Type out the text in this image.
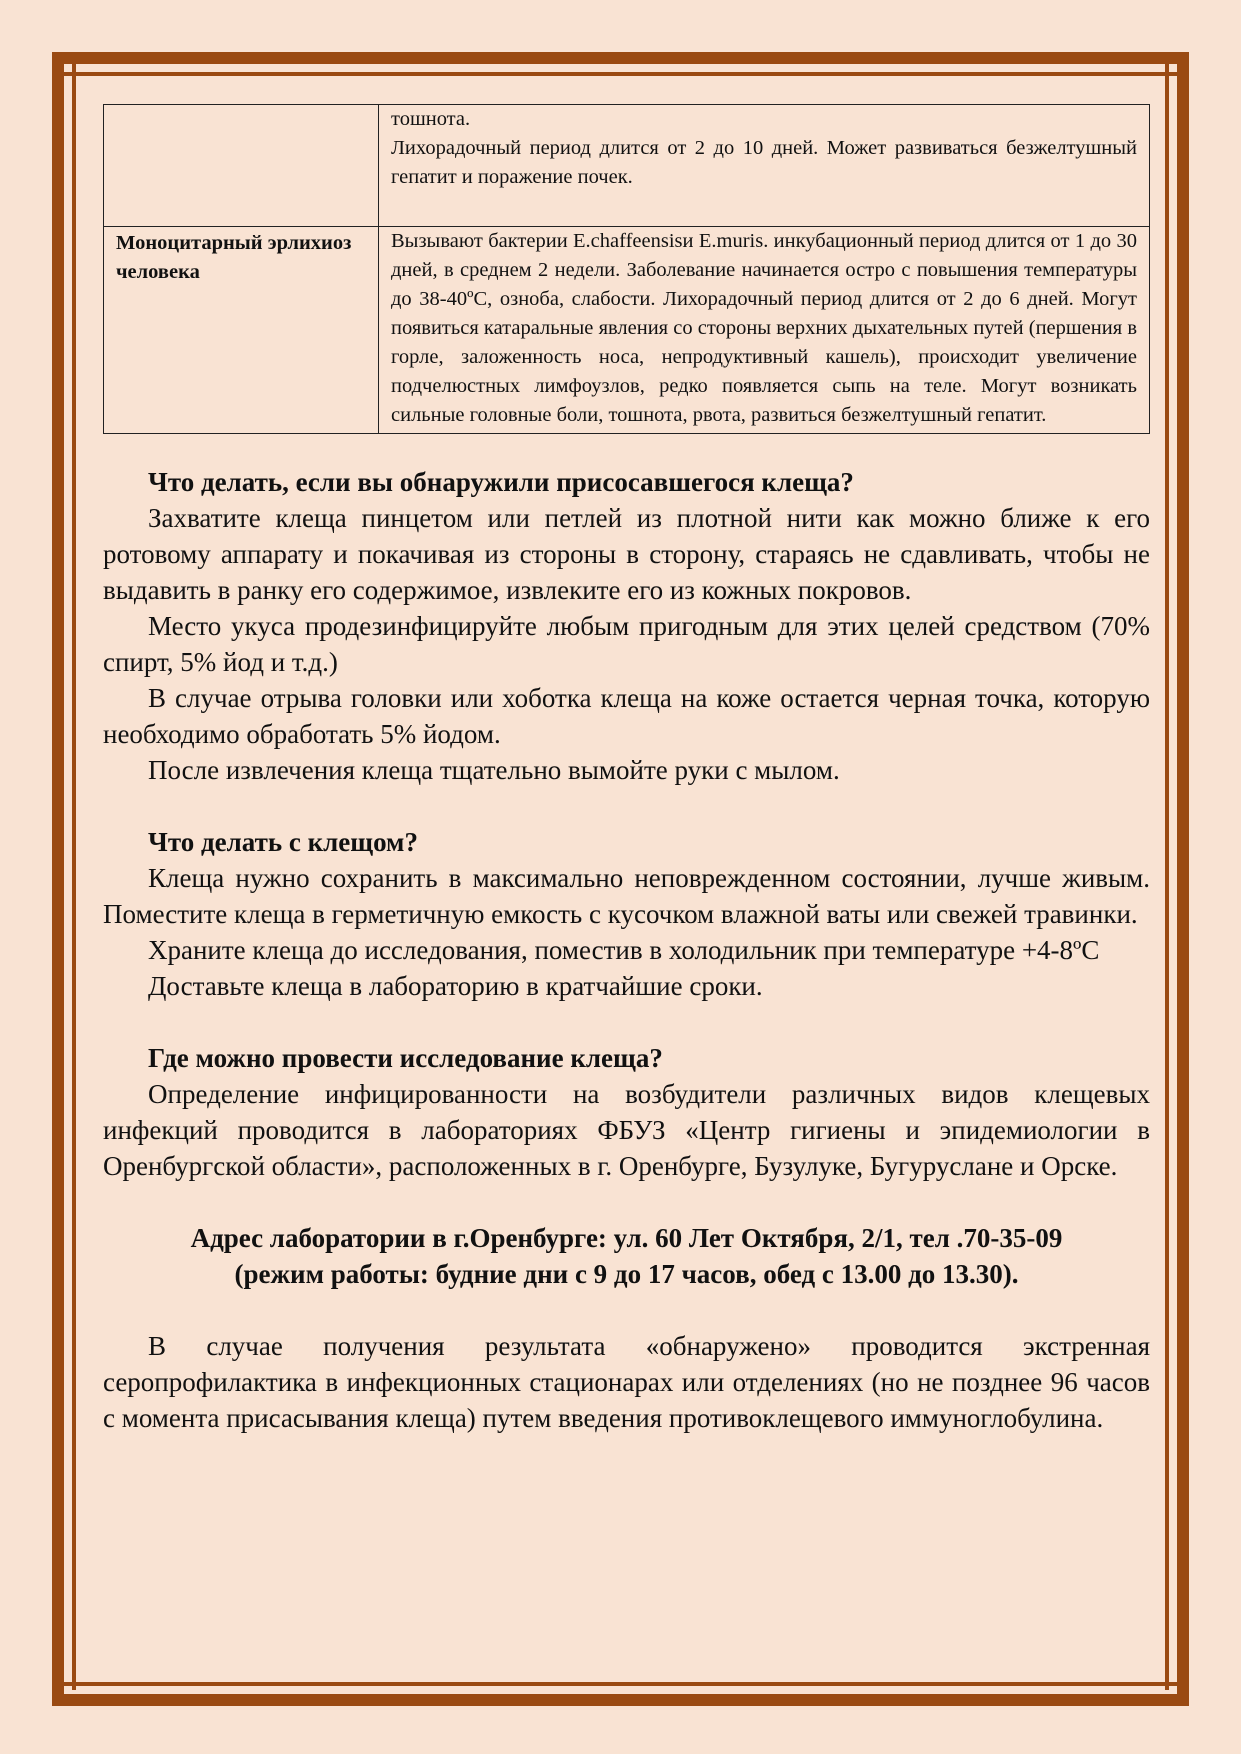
	тошнота.
Лихорадочный период длится от 2 до 10 дней. Может развиваться безжелтушный гепатит и поражение почек.

Моноцитарный эрлихиоз человека	Вызывают бактерии E.chaffeensisи E.muris. инкубационный период длится от 1 до 30 дней, в среднем 2 недели. Заболевание начинается остро с повышения температуры до 38-40ºС, озноба, слабости. Лихорадочный период длится от 2 до 6 дней. Могут появиться катаральные явления со стороны верхних дыхательных путей (першения в горле, заложенность носа, непродуктивный кашель), происходит увеличение подчелюстных лимфоузлов, редко появляется сыпь на теле. Могут возникать сильные головные боли, тошнота, рвота, развиться безжелтушный гепатит.
Что делать, если вы обнаружили присосавшегося клеща?

Захватите клеща пинцетом или петлей из плотной нити как можно ближе к его ротовому аппарату и покачивая из стороны в сторону, стараясь не сдавливать, чтобы не выдавить в ранку его содержимое, извлеките его из кожных покровов.

Место укуса продезинфицируйте любым пригодным для этих целей средством (70% спирт, 5% йод и т.д.)

В случае отрыва головки или хоботка клеща на коже остается черная точка, которую необходимо обработать 5% йодом.

После извлечения клеща тщательно вымойте руки с мылом.

Что делать с клещом?

Клеща нужно сохранить в максимально неповрежденном состоянии, лучше живым. Поместите клеща в герметичную емкость с кусочком влажной ваты или свежей травинки.

Храните клеща до исследования, поместив в холодильник при температуре +4-8ºС

Доставьте клеща в лабораторию в кратчайшие сроки.

Где можно провести исследование клеща?

Определение инфицированности на возбудители различных видов клещевых инфекций проводится в лабораториях ФБУЗ «Центр гигиены и эпидемиологии в Оренбургской области», расположенных в г. Оренбурге, Бузулуке, Бугуруслане и Орске.

Адрес лаборатории в г.Оренбурге: ул. 60 Лет Октября, 2/1, тел .70-35-09
(режим работы: будние дни с 9 до 17 часов, обед с 13.00 до 13.30).

В случае получения результата «обнаружено» проводится экстренная серопрофилактика в инфекционных стационарах или отделениях (но не позднее 96 часов с момента присасывания клеща) путем введения противоклещевого иммуноглобулина.
